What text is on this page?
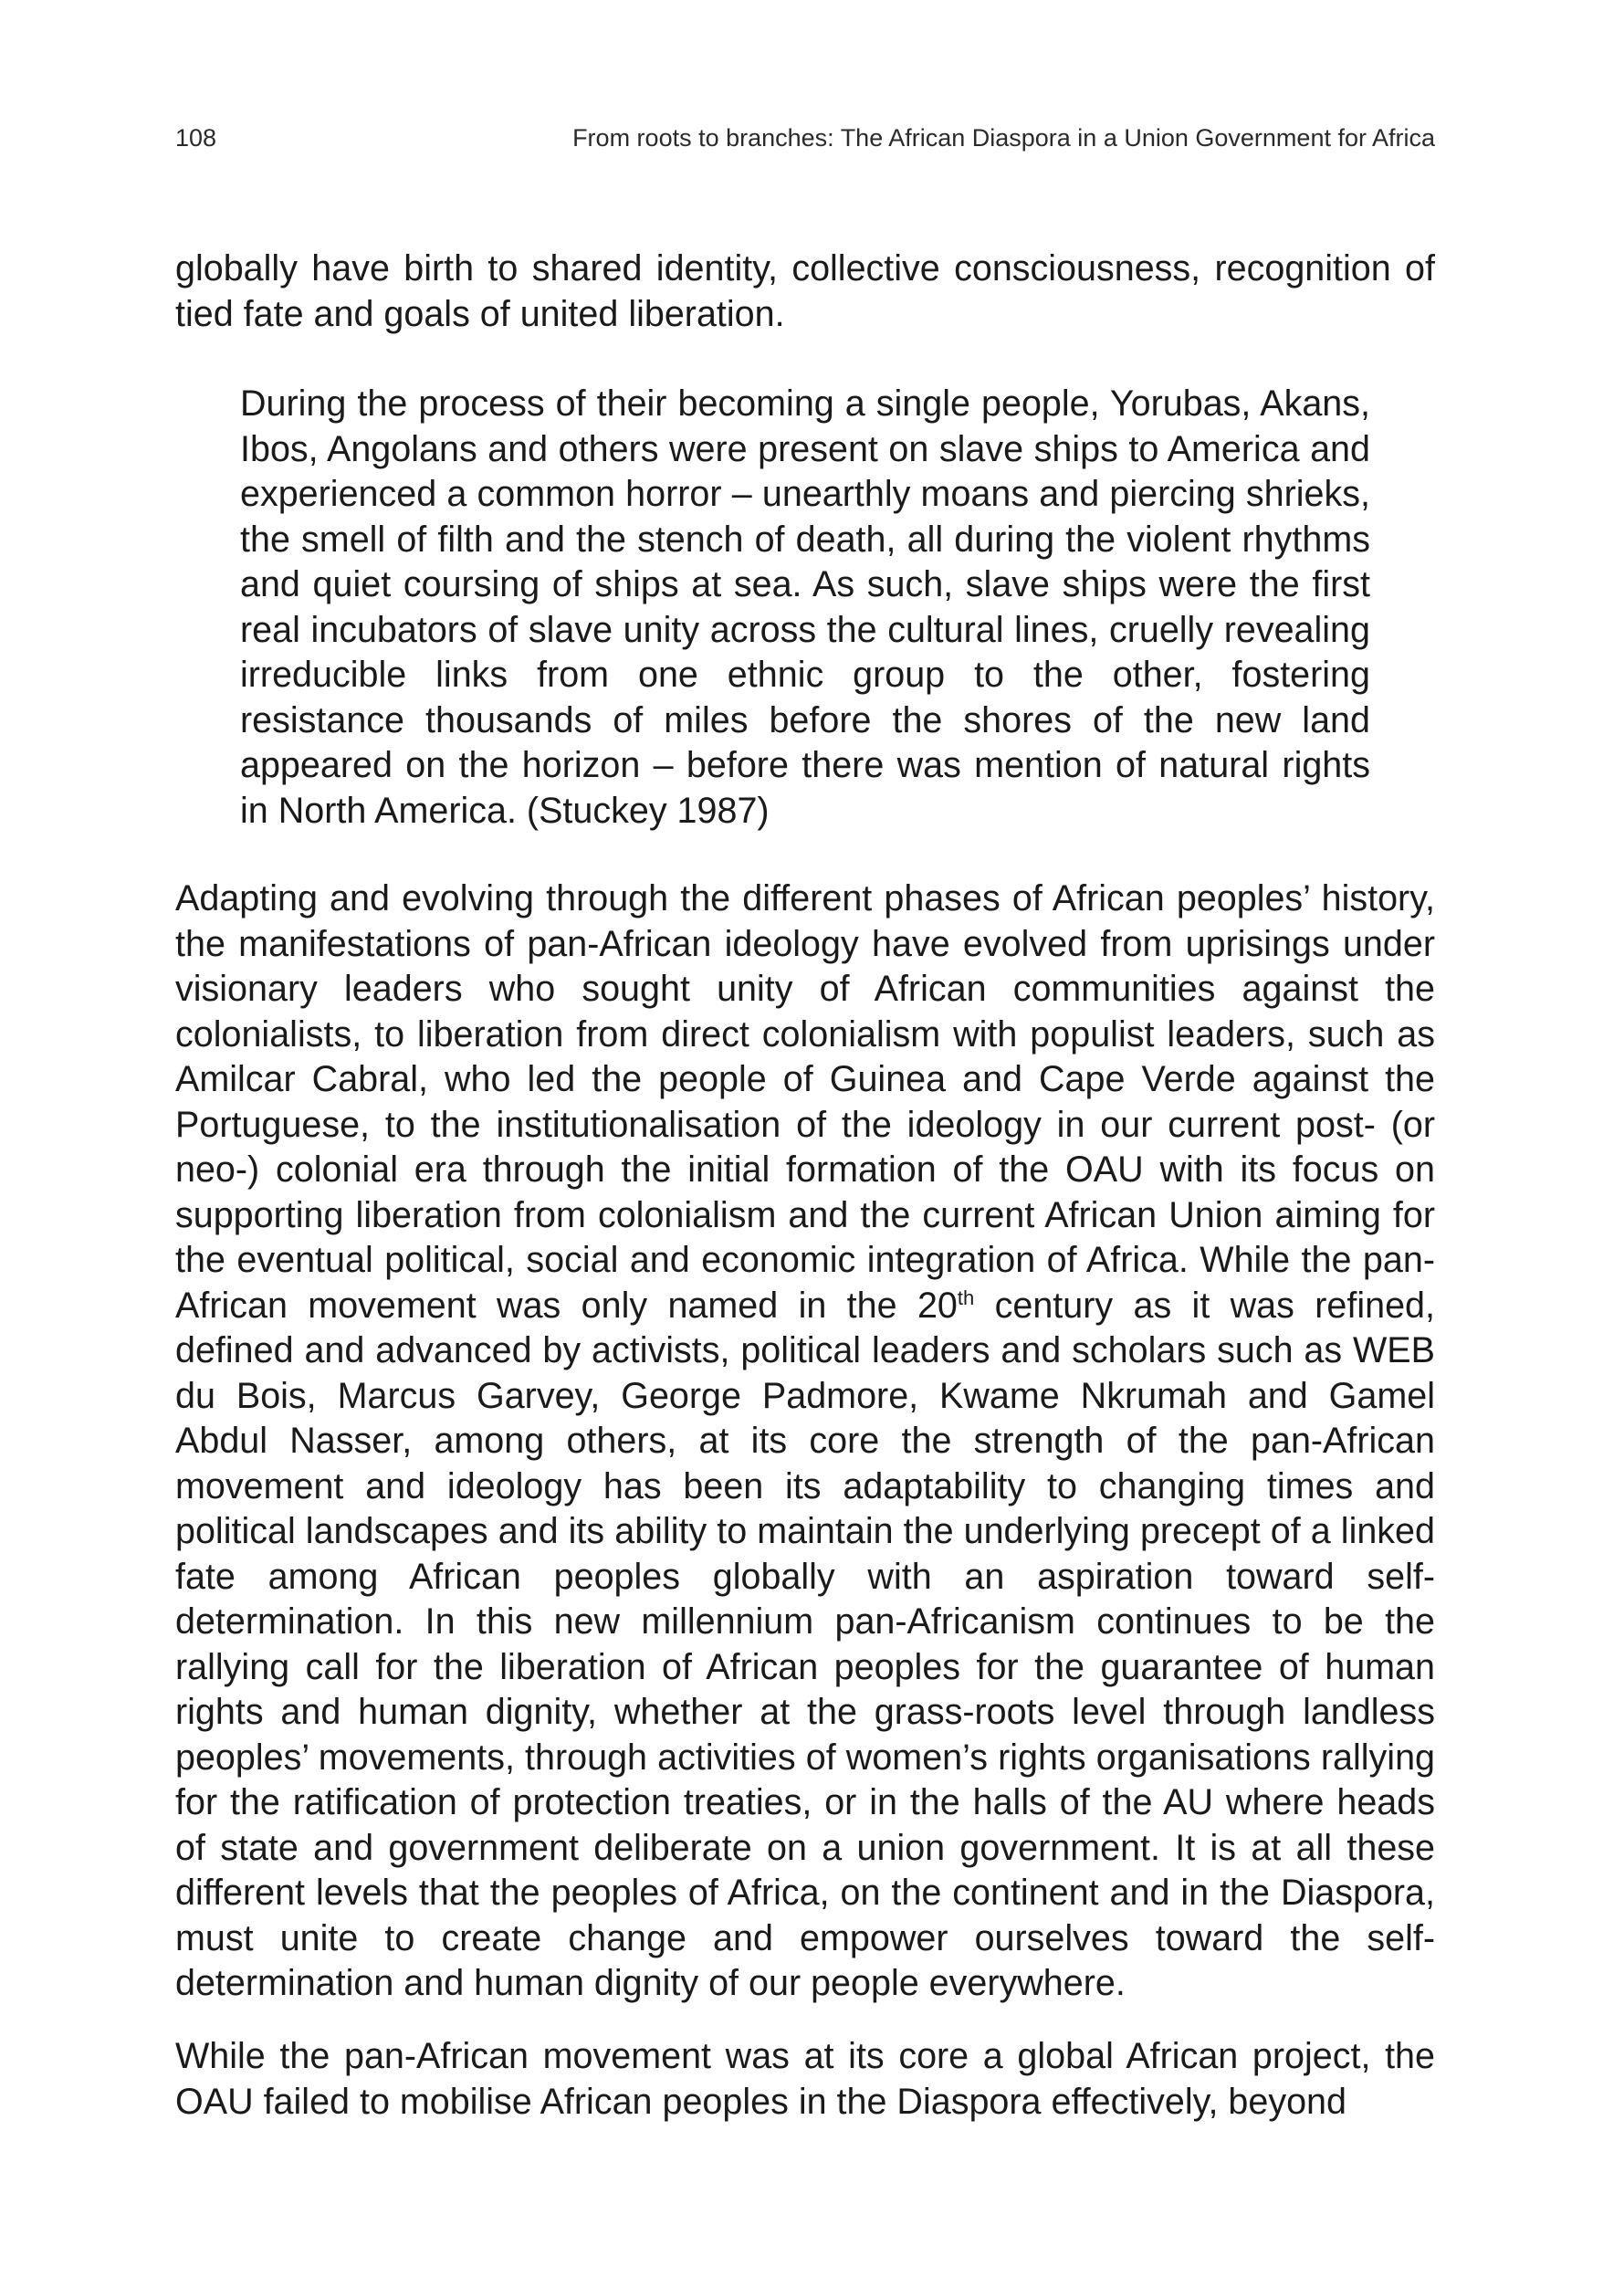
108	From roots to branches: The African Diaspora in a Union Government for Africa

globally have birth to shared identity, collective consciousness, recognition of tied fate and goals of united liberation.

During the process of their becoming a single people, Yorubas, Akans, Ibos, Angolans and others were present on slave ships to America and experienced a common horror – unearthly moans and piercing shrieks, the smell of filth and the stench of death, all during the violent rhythms and quiet coursing of ships at sea. As such, slave ships were the first real incubators of slave unity across the cultural lines, cruelly revealing irreducible links from one ethnic group to the other, fostering resistance thousands of miles before the shores of the new land appeared on the horizon – before there was mention of natural rights in North America. (Stuckey 1987)

Adapting and evolving through the different phases of African peoples’ history, the manifestations of pan-African ideology have evolved from uprisings under visionary leaders who sought unity of African communities against the colonialists, to liberation from direct colonialism with populist leaders, such as Amilcar Cabral, who led the people of Guinea and Cape Verde against the Portuguese, to the institutionalisation of the ideology in our current post- (or neo-) colonial era through the initial formation of the OAU with its focus on supporting liberation from colonialism and the current African Union aiming for the eventual political, social and economic integration of Africa. While the pan-African movement was only named in the 20th century as it was refined, defined and advanced by activists, political leaders and scholars such as WEB du Bois, Marcus Garvey, George Padmore, Kwame Nkrumah and Gamel Abdul Nasser, among others, at its core the strength of the pan-African movement and ideology has been its adaptability to changing times and political landscapes and its ability to maintain the underlying precept of a linked fate among African peoples globally with an aspiration toward self-determination. In this new millennium pan-Africanism continues to be the rallying call for the liberation of African peoples for the guarantee of human rights and human dignity, whether at the grass-roots level through landless peoples’ movements, through activities of women’s rights organisations rallying for the ratification of protection treaties, or in the halls of the AU where heads of state and government deliberate on a union government. It is at all these different levels that the peoples of Africa, on the continent and in the Diaspora, must unite to create change and empower ourselves toward the self-determination and human dignity of our people everywhere.

While the pan-African movement was at its core a global African project, the OAU failed to mobilise African peoples in the Diaspora effectively, beyond
